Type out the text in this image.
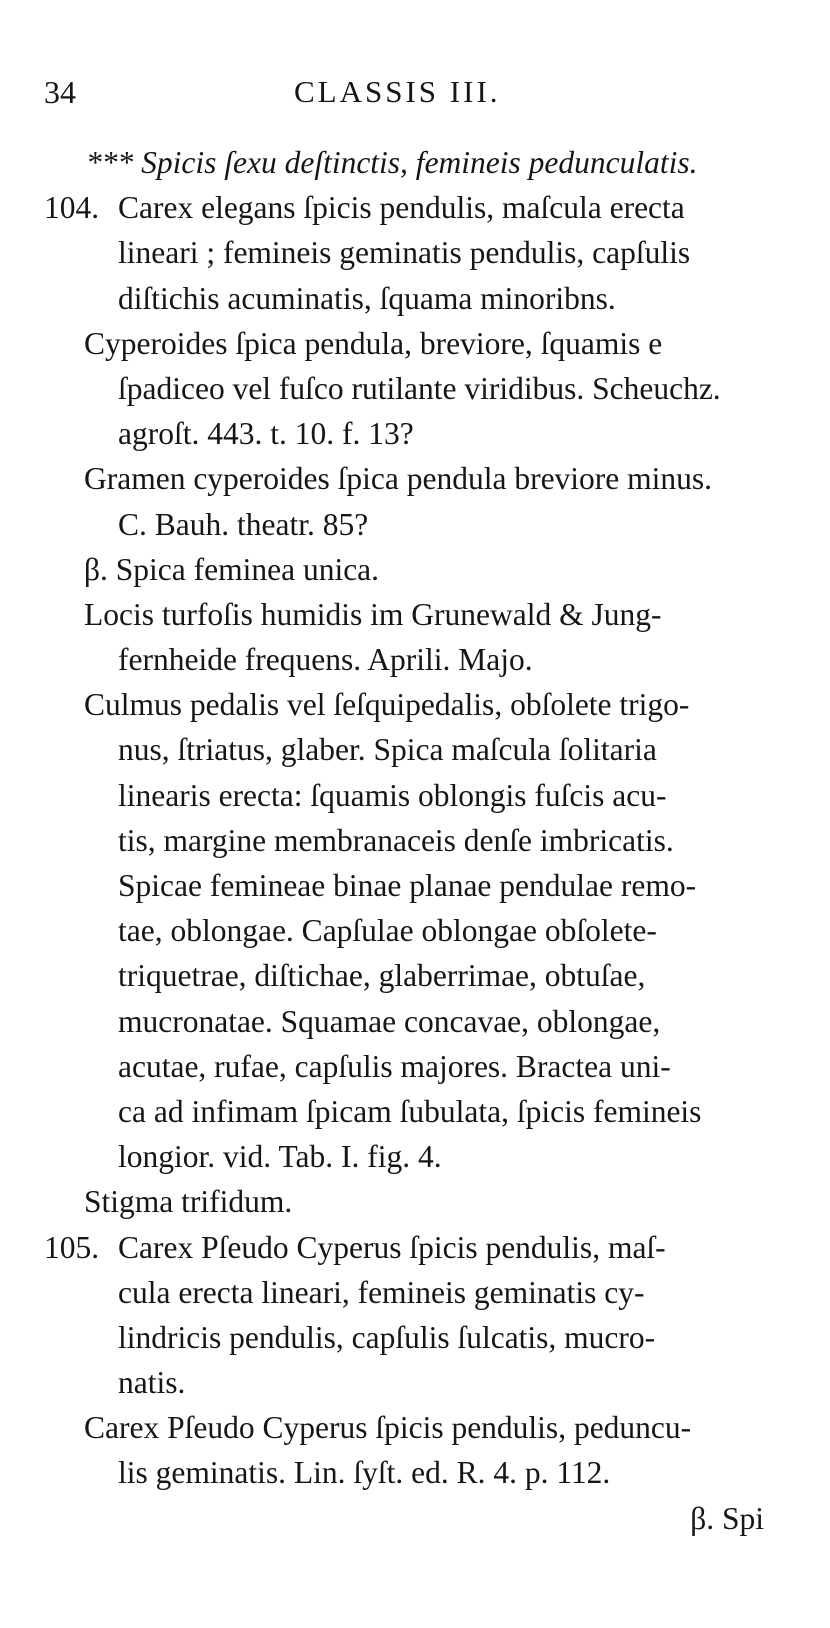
34	CLASSIS III.
*** Spicis ſexu deſtinctis, femineis pedunculatis.
104. Carex elegans ſpicis pendulis, maſcula erecta
lineari ; femineis geminatis pendulis, capſulis
diſtichis acuminatis, ſquama minoribns.
Cyperoides ſpica pendula, breviore, ſquamis e
ſpadiceo vel fuſco rutilante viridibus. Scheuchz.
agroſt. 443. t. 10. f. 13?
Gramen cyperoides ſpica pendula breviore minus.
C. Bauh. theatr. 85?
β. Spica feminea unica.
Locis turfoſis humidis im Grunewald & Jung-
fernheide frequens. Aprili. Majo.
Culmus pedalis vel ſeſquipedalis, obſolete trigo-
nus, ſtriatus, glaber. Spica maſcula ſolitaria
linearis erecta: ſquamis oblongis fuſcis acu-
tis, margine membranaceis denſe imbricatis.
Spicae femineae binae planae pendulae remo-
tae, oblongae. Capſulae oblongae obſolete-
triquetrae, diſtichae, glaberrimae, obtuſae,
mucronatae. Squamae concavae, oblongae,
acutae, rufae, capſulis majores. Bractea uni-
ca ad infimam ſpicam ſubulata, ſpicis femineis
longior. vid. Tab. I. fig. 4.
Stigma trifidum.
105. Carex Pſeudo Cyperus ſpicis pendulis, maſ-
cula erecta lineari, femineis geminatis cy-
lindricis pendulis, capſulis ſulcatis, mucro-
natis.
Carex Pſeudo Cyperus ſpicis pendulis, peduncu-
lis geminatis. Lin. ſyſt. ed. R. 4. p. 112.
β. Spi
